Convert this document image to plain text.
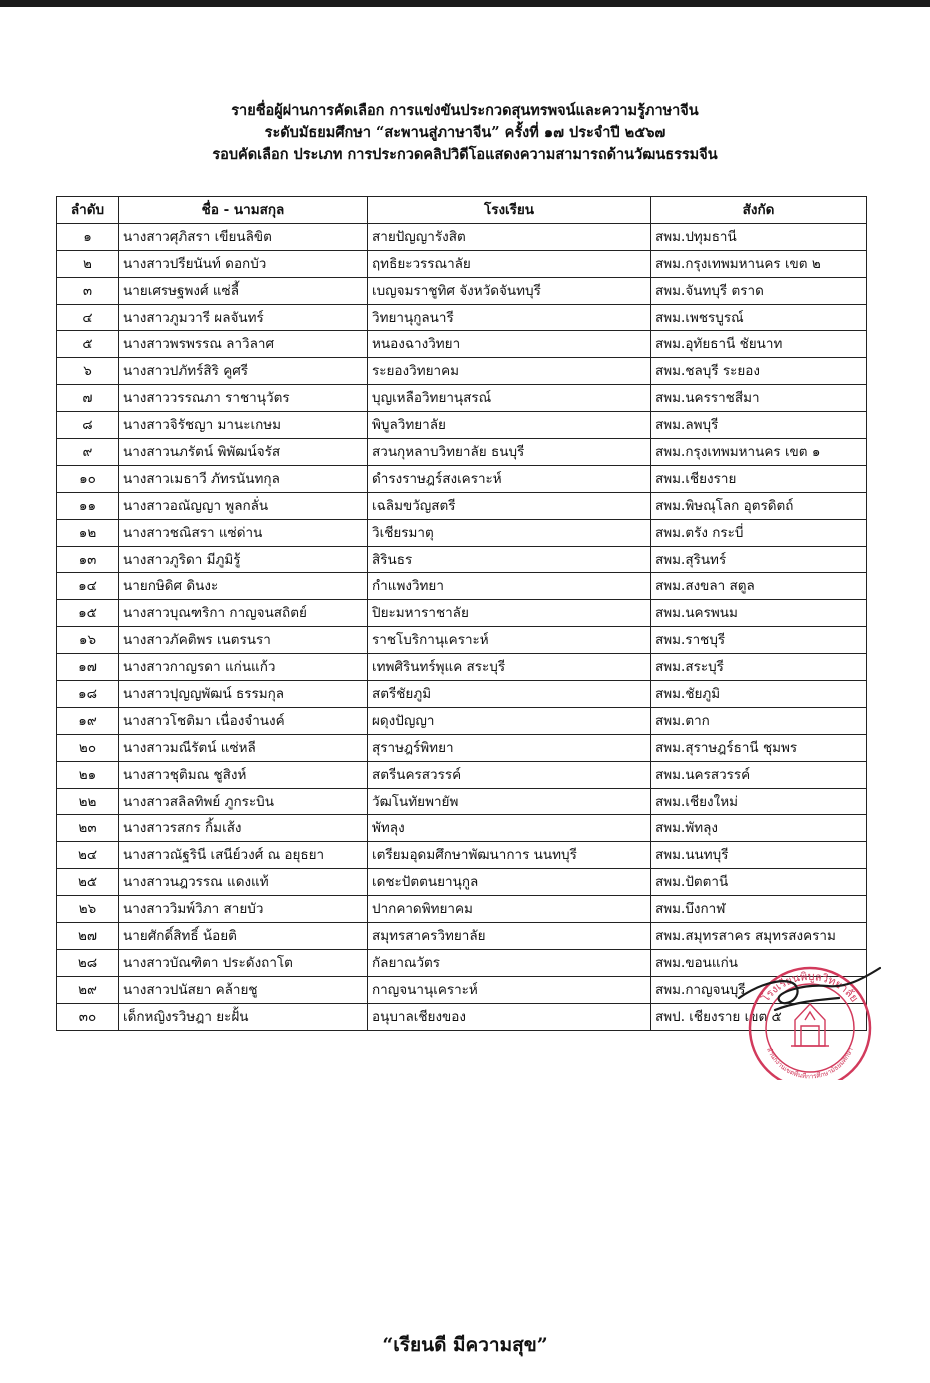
รายชื่อผู้ผ่านการคัดเลือก การแข่งขันประกวดสุนทรพจน์และความรู้ภาษาจีน
ระดับมัธยมศึกษา “สะพานสู่ภาษาจีน” ครั้งที่ ๑๗ ประจำปี ๒๕๖๗
รอบคัดเลือก ประเภท การประกวดคลิปวิดีโอแสดงความสามารถด้านวัฒนธรรมจีน
ลำดับ	ชื่อ - นามสกุล	โรงเรียน	สังกัด
๑	นางสาวศุภิสรา เขียนลิขิต	สายปัญญารังสิต	สพม.ปทุมธานี
๒	นางสาวปรียนันท์ ดอกบัว	ฤทธิยะวรรณาลัย	สพม.กรุงเทพมหานคร เขต ๒
๓	นายเศรษฐพงศ์ แซ่ลี้	เบญจมราชูทิศ จังหวัดจันทบุรี	สพม.จันทบุรี ตราด
๔	นางสาวภูมวารี ผลจันทร์	วิทยานุกูลนารี	สพม.เพชรบูรณ์
๕	นางสาวพรพรรณ ลาวิลาศ	หนองฉางวิทยา	สพม.อุทัยธานี ชัยนาท
๖	นางสาวปภัทร์สิริ คูศรี	ระยองวิทยาคม	สพม.ชลบุรี ระยอง
๗	นางสาววรรณภา ราชานุวัตร	บุญเหลือวิทยานุสรณ์	สพม.นครราชสีมา
๘	นางสาวจิรัชญา มานะเกษม	พิบูลวิทยาลัย	สพม.ลพบุรี
๙	นางสาวนภรัตน์ พิพัฒน์จรัส	สวนกุหลาบวิทยาลัย ธนบุรี	สพม.กรุงเทพมหานคร เขต ๑
๑๐	นางสาวเมธาวี ภัทรนันทกุล	ดำรงราษฎร์สงเคราะห์	สพม.เชียงราย
๑๑	นางสาวอณัญญา พูลกลั่น	เฉลิมขวัญสตรี	สพม.พิษณุโลก อุตรดิตถ์
๑๒	นางสาวชณิสรา แซ่ด่าน	วิเชียรมาตุ	สพม.ตรัง กระบี่
๑๓	นางสาวภูริดา มีภูมิรู้	สิรินธร	สพม.สุรินทร์
๑๔	นายกษิดิศ ดินงะ	กำแพงวิทยา	สพม.สงขลา สตูล
๑๕	นางสาวบุณฑริกา กาญจนสถิตย์	ปิยะมหาราชาลัย	สพม.นครพนม
๑๖	นางสาวภัคติพร เนตรนรา	ราชโบริกานุเคราะห์	สพม.ราชบุรี
๑๗	นางสาวกาญรดา แก่นแก้ว	เทพศิรินทร์พุแค สระบุรี	สพม.สระบุรี
๑๘	นางสาวปุญญพัฒน์ ธรรมกุล	สตรีชัยภูมิ	สพม.ชัยภูมิ
๑๙	นางสาวโชติมา เนื่องจำนงค์	ผดุงปัญญา	สพม.ตาก
๒๐	นางสาวมณีรัตน์ แซ่หลี	สุราษฎร์พิทยา	สพม.สุราษฎร์ธานี ชุมพร
๒๑	นางสาวชุติมณ ชูสิงห์	สตรีนครสวรรค์	สพม.นครสวรรค์
๒๒	นางสาวสลิลทิพย์ ภูกระบิน	วัฒโนทัยพายัพ	สพม.เชียงใหม่
๒๓	นางสาวรสกร กิ้มเส้ง	พัทลุง	สพม.พัทลุง
๒๔	นางสาวณัฐรินี เสนีย์วงศ์ ณ อยุธยา	เตรียมอุดมศึกษาพัฒนาการ นนทบุรี	สพม.นนทบุรี
๒๕	นางสาวนฎวรรณ แดงแท้	เดชะปัตตนยานุกูล	สพม.ปัตตานี
๒๖	นางสาววิมพ์วิภา สายบัว	ปากคาดพิทยาคม	สพม.บึงกาฬ
๒๗	นายศักดิ์สิทธิ์ น้อยติ	สมุทรสาครวิทยาลัย	สพม.สมุทรสาคร สมุทรสงคราม
๒๘	นางสาวบัณฑิตา ประดังถาโต	กัลยาณวัตร	สพม.ขอนแก่น
๒๙	นางสาวปนัสยา คล้ายชู	กาญจนานุเคราะห์	สพม.กาญจนบุรี
๓๐	เด็กหญิงรวิษฎา ยะฝั้น	อนุบาลเชียงของ	สพป. เชียงราย เขต ๕
โรงเรียนพิบูลวิทยาลัย
สำนักงานเขตพื้นที่การศึกษามัธยมศึกษา
“เรียนดี มีความสุข”
